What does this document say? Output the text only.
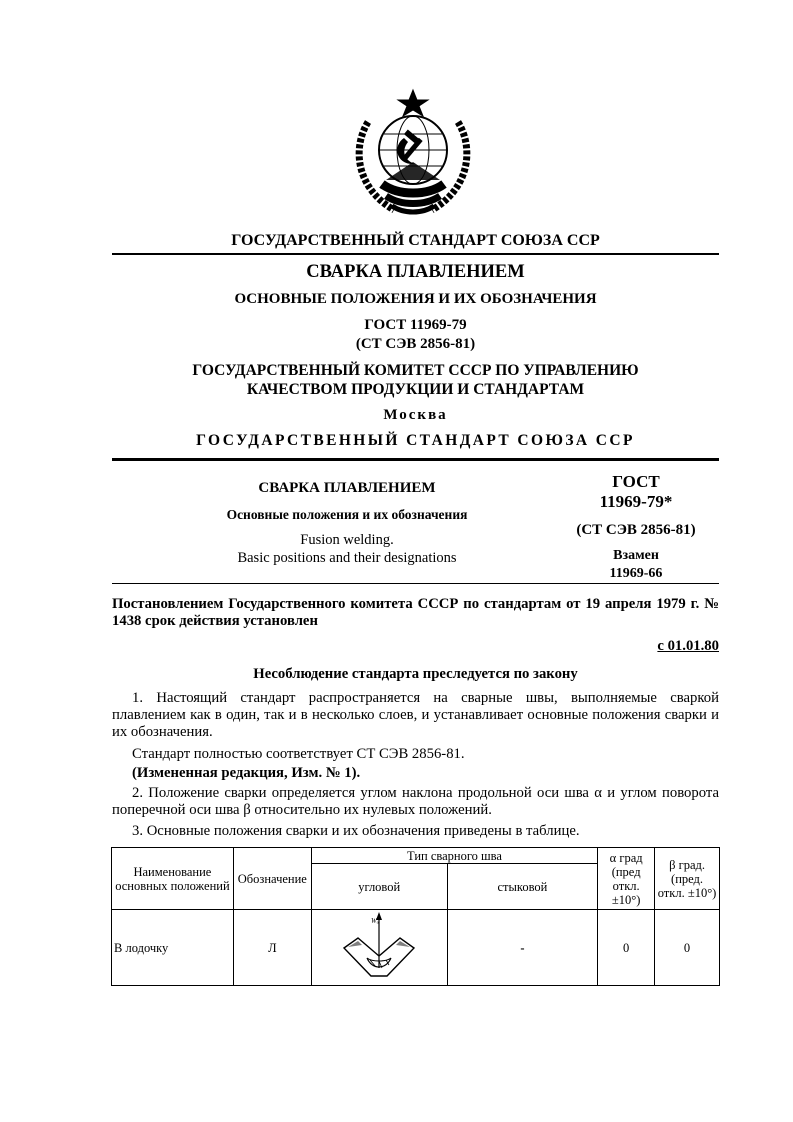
ГОСУДАРСТВЕННЫЙ СТАНДАРТ СОЮЗА ССР
СВАРКА ПЛАВЛЕНИЕМ
ОСНОВНЫЕ ПОЛОЖЕНИЯ И ИХ ОБОЗНАЧЕНИЯ
ГОСТ 11969-79
(СТ СЭВ 2856-81)
ГОСУДАРСТВЕННЫЙ КОМИТЕТ СССР ПО УПРАВЛЕНИЮ
КАЧЕСТВОМ ПРОДУКЦИИ И СТАНДАРТАМ
Москва
ГОСУДАРСТВЕННЫЙ СТАНДАРТ СОЮЗА ССР
СВАРКА ПЛАВЛЕНИЕМ
Основные положения и их обозначения
Fusion welding.
Basic positions and their designations
ГОСТ
11969-79*
(СТ СЭВ 2856-81)
Взамен
11969-66
Постановлением Государственного комитета СССР по стандартам от 19 апреля 1979 г. № 1438 срок действия установлен
с 01.01.80
Несоблюдение стандарта преследуется по закону
1. Настоящий стандарт распространяется на сварные швы, выполняемые сваркой плавлением как в один, так и в несколько слоев, и устанавливает основные положения сварки и их обозначения.
Стандарт полностью соответствует СТ СЭВ 2856-81.
(Измененная редакция, Изм. № 1).
2. Положение сварки определяется углом наклона продольной оси шва α и углом поворота поперечной оси шва β относительно их нулевых положений.
3. Основные положения сварки и их обозначения приведены в таблице.
Наименование основных положений	Обозначение	Тип сварного шва		α град (пред откл. ±10°)	β град. (пред. откл. ±10°)
		угловой	стыковой		
В лодочку	Л	Wₐ	-	0	0
